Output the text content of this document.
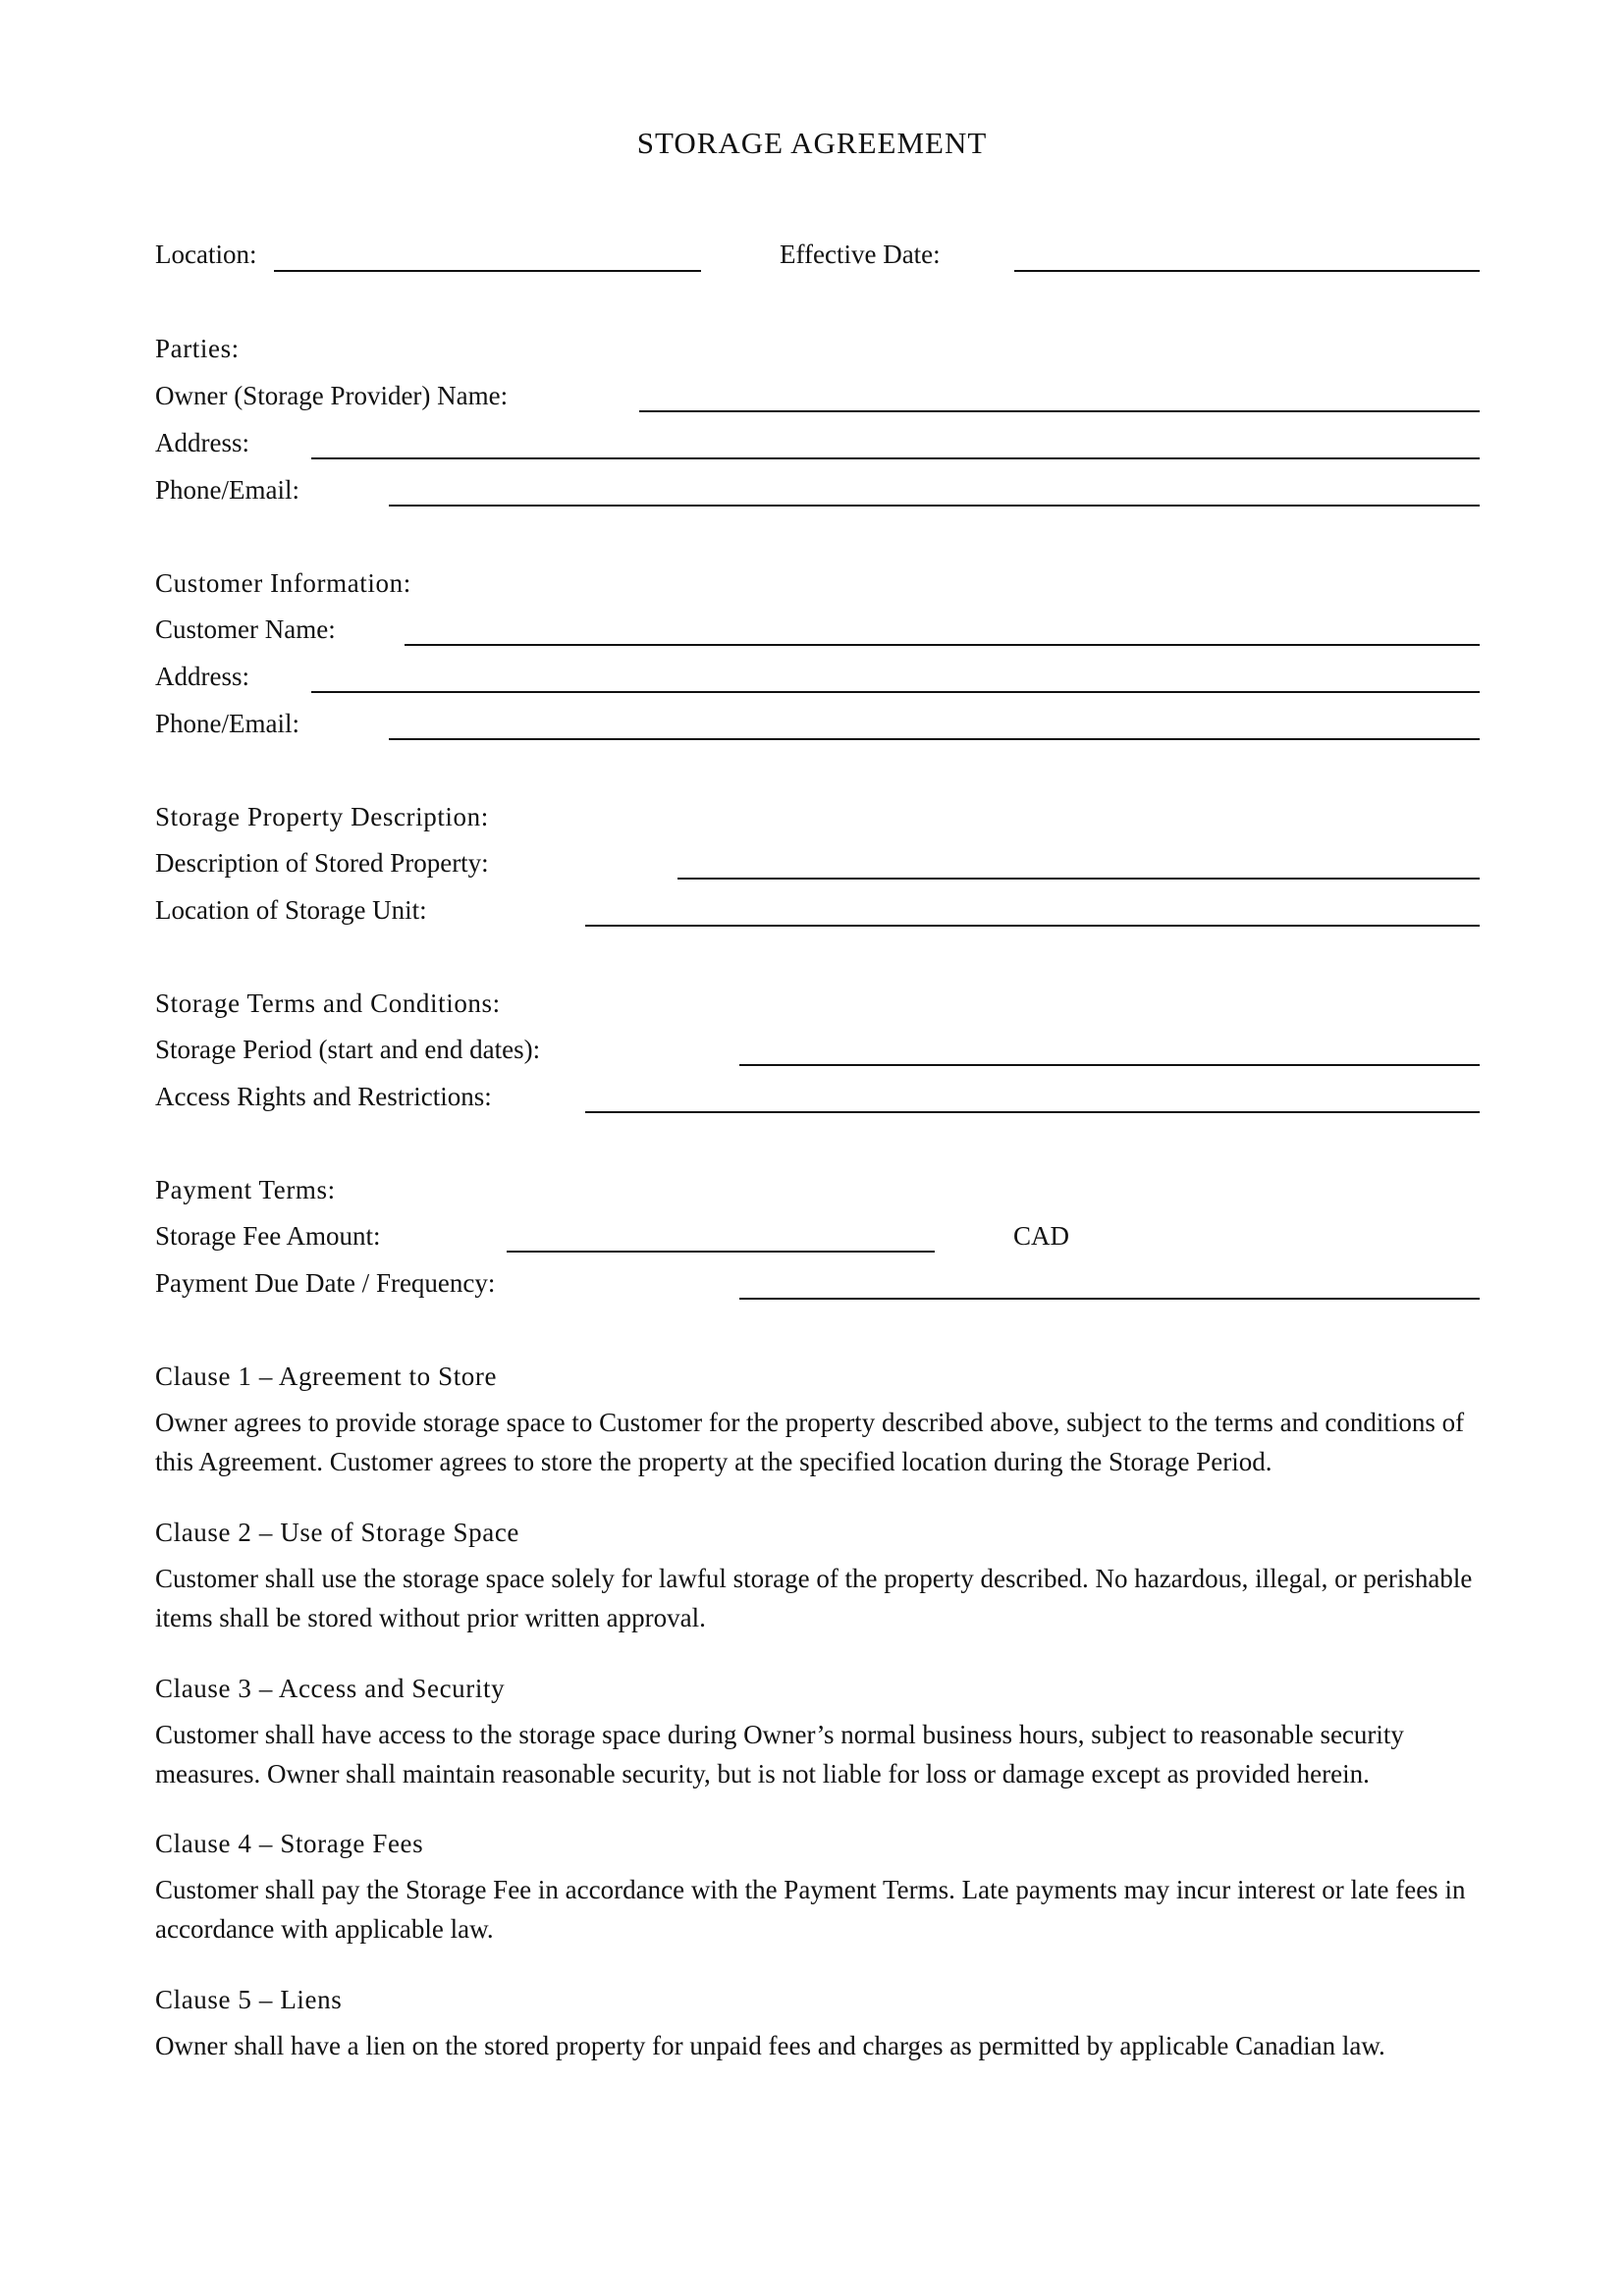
STORAGE AGREEMENT
Location:	Effective Date:
Parties:
Owner (Storage Provider) Name:
Address:
Phone/Email:
Customer Information:
Customer Name:
Address:
Phone/Email:
Storage Property Description:
Description of Stored Property:
Location of Storage Unit:
Storage Terms and Conditions:
Storage Period (start and end dates):
Access Rights and Restrictions:
Payment Terms:
Storage Fee Amount:	CAD
Payment Due Date / Frequency:
Clause 1 – Agreement to Store
Owner agrees to provide storage space to Customer for the property described above, subject to the terms and conditions of this Agreement. Customer agrees to store the property at the specified location during the Storage Period.
Clause 2 – Use of Storage Space
Customer shall use the storage space solely for lawful storage of the property described. No hazardous, illegal, or perishable items shall be stored without prior written approval.
Clause 3 – Access and Security
Customer shall have access to the storage space during Owner’s normal business hours, subject to reasonable security measures. Owner shall maintain reasonable security, but is not liable for loss or damage except as provided herein.
Clause 4 – Storage Fees
Customer shall pay the Storage Fee in accordance with the Payment Terms. Late payments may incur interest or late fees in accordance with applicable law.
Clause 5 – Liens
Owner shall have a lien on the stored property for unpaid fees and charges as permitted by applicable Canadian law.
